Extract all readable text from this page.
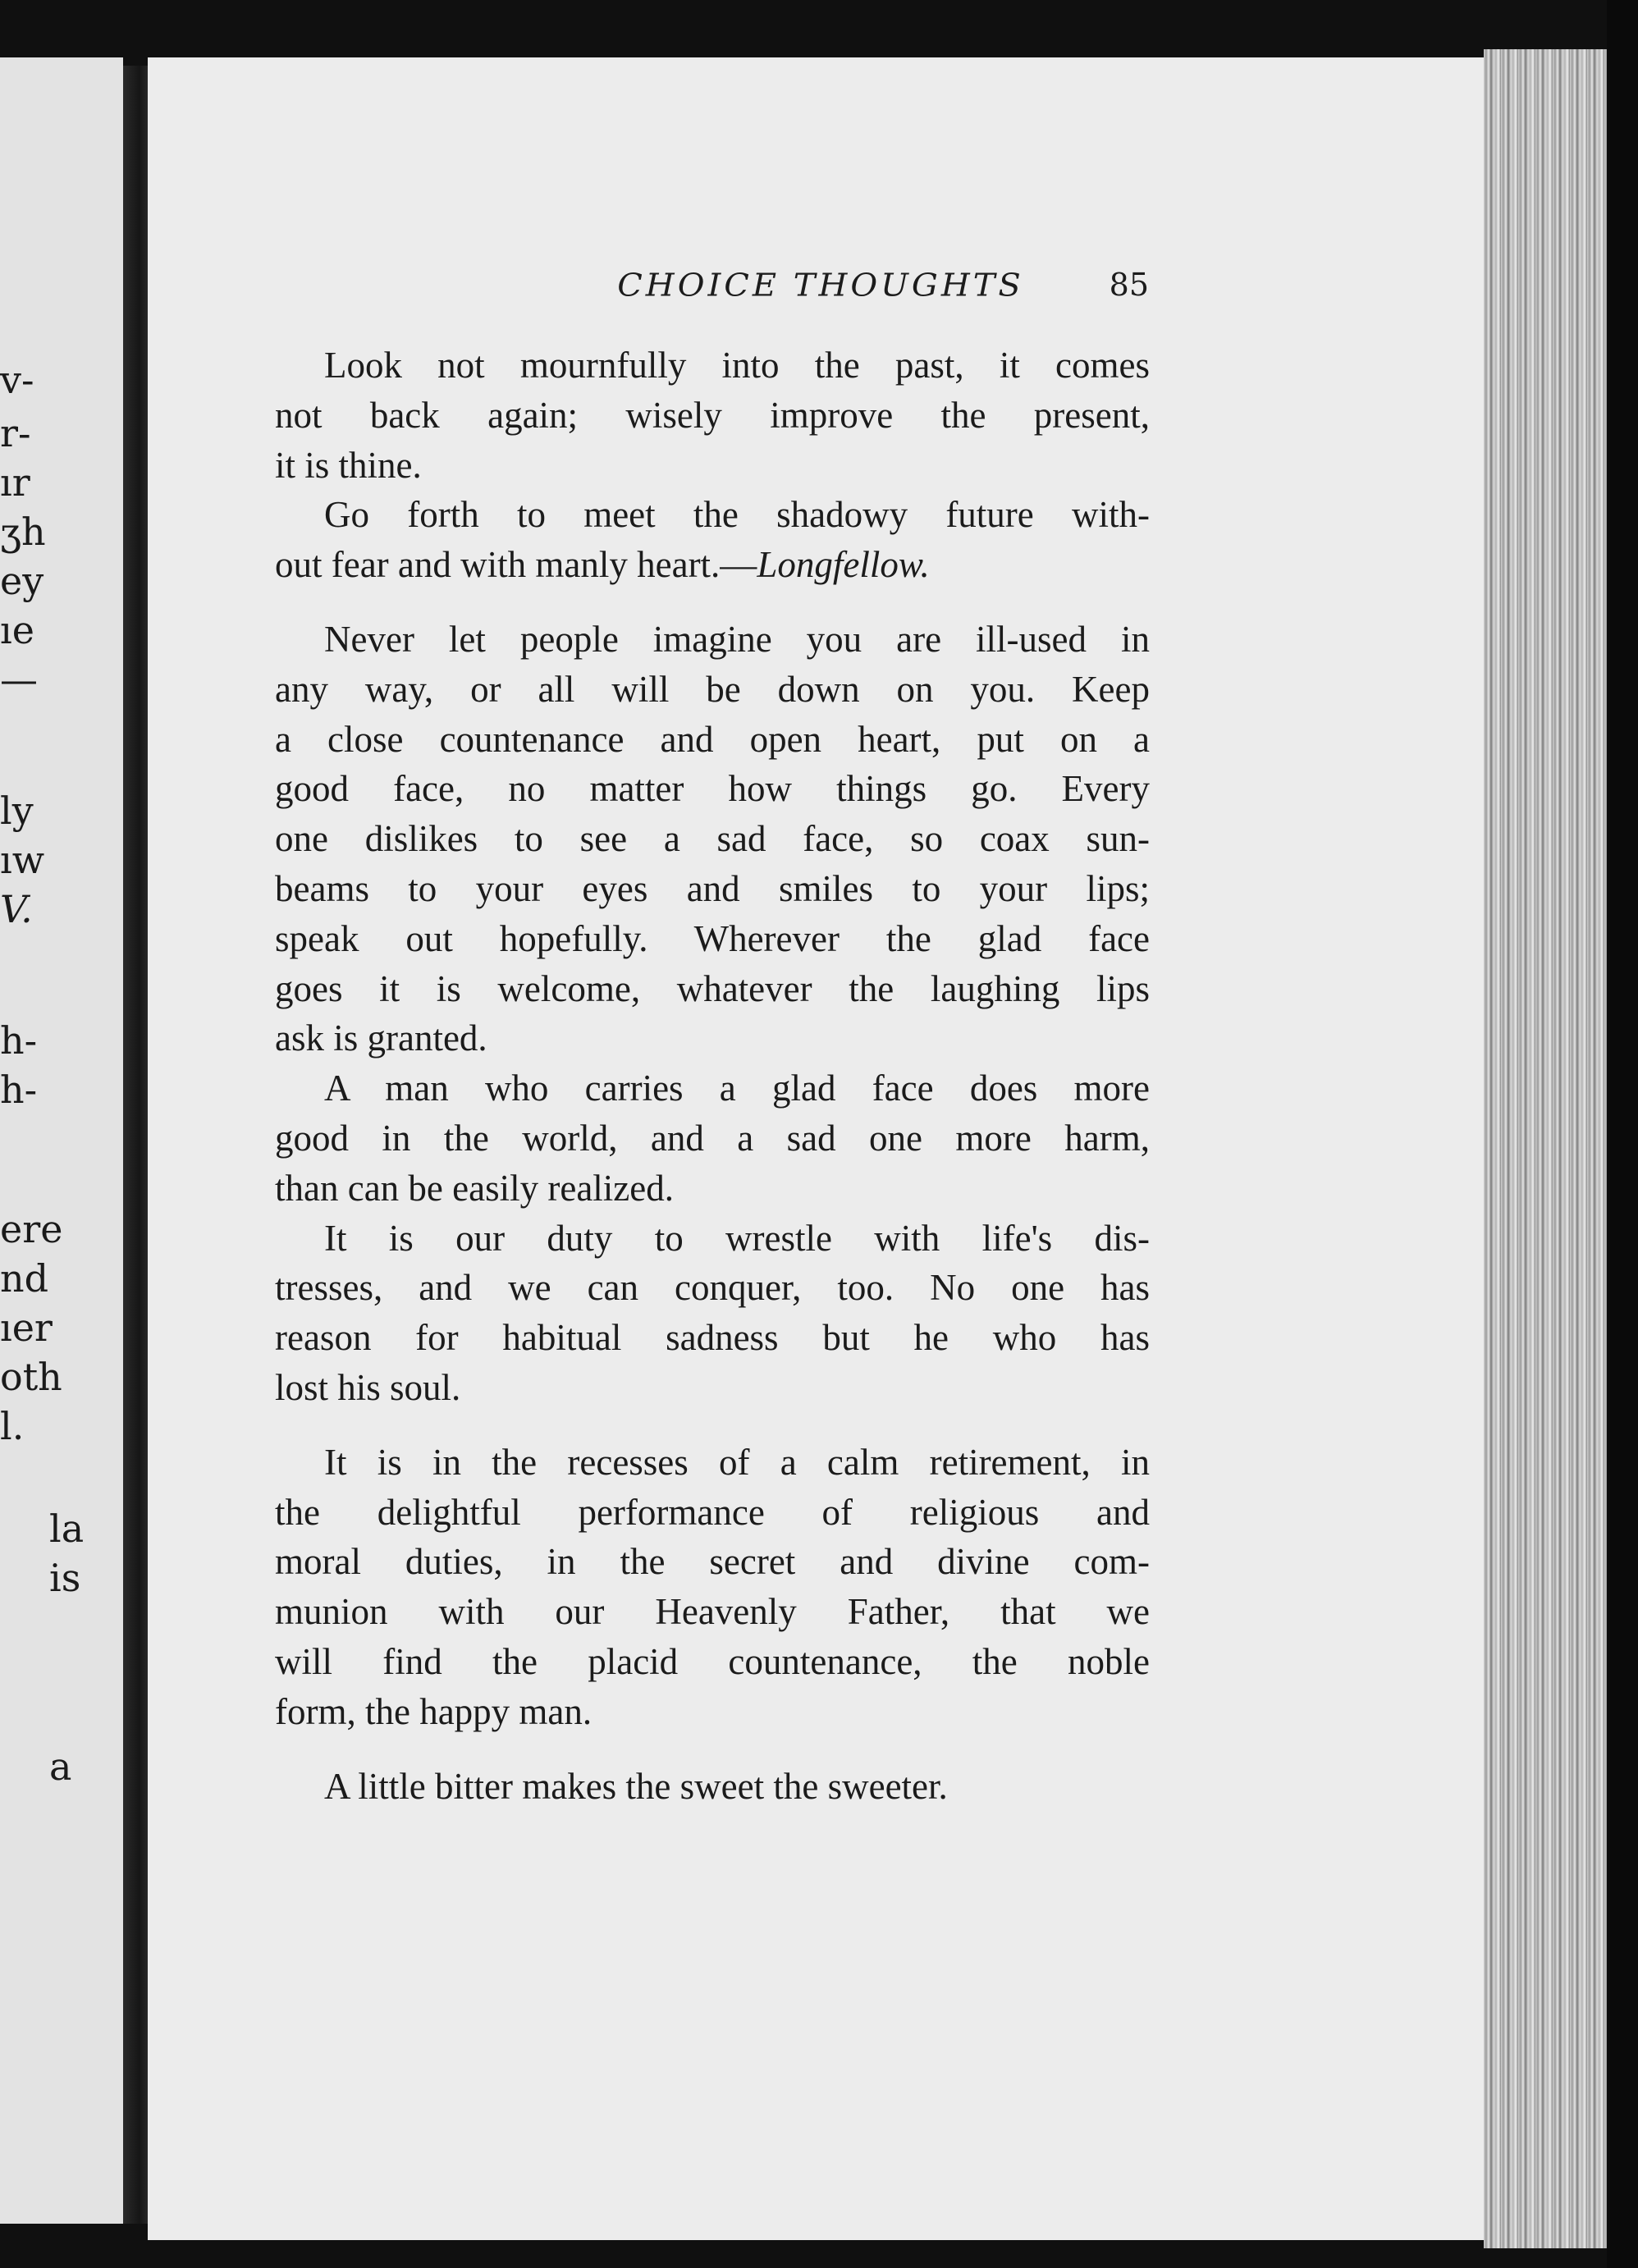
v-
r-
ır
ʒh
ey
ıe
—
ly
ıw
V.
h-
h-
ere
nd
ıer
oth
l.
la
is
a
CHOICE THOUGHTS	85

Look not mournfully into the past, it comes
not back again; wisely improve the present,
it is thine.

Go forth to meet the shadowy future with-
out fear and with manly heart.—Longfellow.

Never let people imagine you are ill-used in
any way, or all will be down on you. Keep
a close countenance and open heart, put on a
good face, no matter how things go. Every
one dislikes to see a sad face, so coax sun-
beams to your eyes and smiles to your lips;
speak out hopefully. Wherever the glad face
goes it is welcome, whatever the laughing lips
ask is granted.

A man who carries a glad face does more
good in the world, and a sad one more harm,
than can be easily realized.

It is our duty to wrestle with life's dis-
tresses, and we can conquer, too. No one has
reason for habitual sadness but he who has
lost his soul.

It is in the recesses of a calm retirement, in
the delightful performance of religious and
moral duties, in the secret and divine com-
munion with our Heavenly Father, that we
will find the placid countenance, the noble
form, the happy man.

A little bitter makes the sweet the sweeter.
